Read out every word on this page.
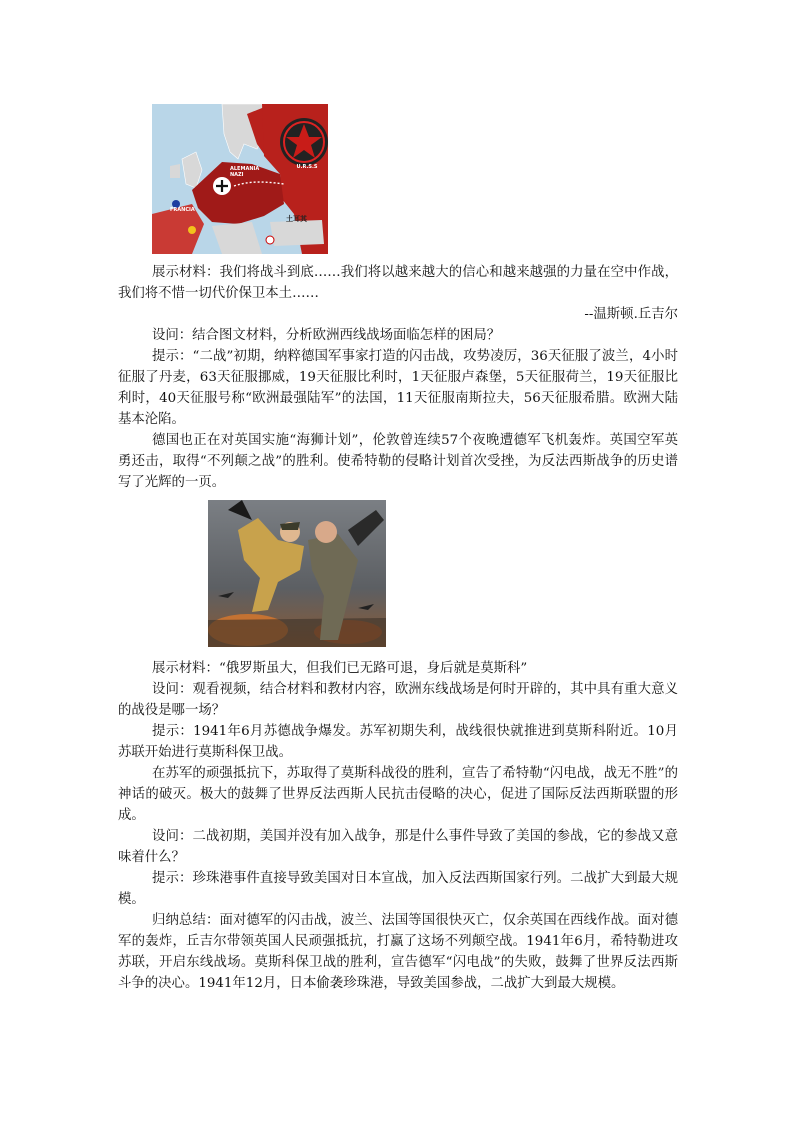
U.R.S.S
ALEMANIA NAZI
FRANCIA
土耳其

展示材料：我们将战斗到底……我们将以越来越大的信心和越来越强的力量在空中作战，我们将不惜一切代价保卫本土……

--温斯顿.丘吉尔

设问：结合图文材料，分析欧洲西线战场面临怎样的困局？

提示：“二战”初期，纳粹德国军事家打造的闪击战，攻势凌厉，36天征服了波兰，4小时征服了丹麦，63天征服挪威，19天征服比利时，1天征服卢森堡，5天征服荷兰，19天征服比利时，40天征服号称“欧洲最强陆军”的法国，11天征服南斯拉夫，56天征服希腊。欧洲大陆基本沦陷。

德国也正在对英国实施“海狮计划”，伦敦曾连续57个夜晚遭德军飞机轰炸。英国空军英勇还击，取得“不列颠之战”的胜利。使希特勒的侵略计划首次受挫，为反法西斯战争的历史谱写了光辉的一页。

展示材料：“俄罗斯虽大，但我们已无路可退，身后就是莫斯科”

设问：观看视频，结合材料和教材内容，欧洲东线战场是何时开辟的，其中具有重大意义的战役是哪一场？

提示：1941年6月苏德战争爆发。苏军初期失利，战线很快就推进到莫斯科附近。10月苏联开始进行莫斯科保卫战。

在苏军的顽强抵抗下，苏取得了莫斯科战役的胜利，宣告了希特勒“闪电战，战无不胜”的神话的破灭。极大的鼓舞了世界反法西斯人民抗击侵略的决心，促进了国际反法西斯联盟的形成。

设问：二战初期，美国并没有加入战争，那是什么事件导致了美国的参战，它的参战又意味着什么？

提示：珍珠港事件直接导致美国对日本宣战，加入反法西斯国家行列。二战扩大到最大规模。

归纳总结：面对德军的闪击战，波兰、法国等国很快灭亡，仅余英国在西线作战。面对德军的轰炸，丘吉尔带领英国人民顽强抵抗，打赢了这场不列颠空战。1941年6月，希特勒进攻苏联，开启东线战场。莫斯科保卫战的胜利，宣告德军“闪电战”的失败，鼓舞了世界反法西斯斗争的决心。1941年12月，日本偷袭珍珠港，导致美国参战，二战扩大到最大规模。
